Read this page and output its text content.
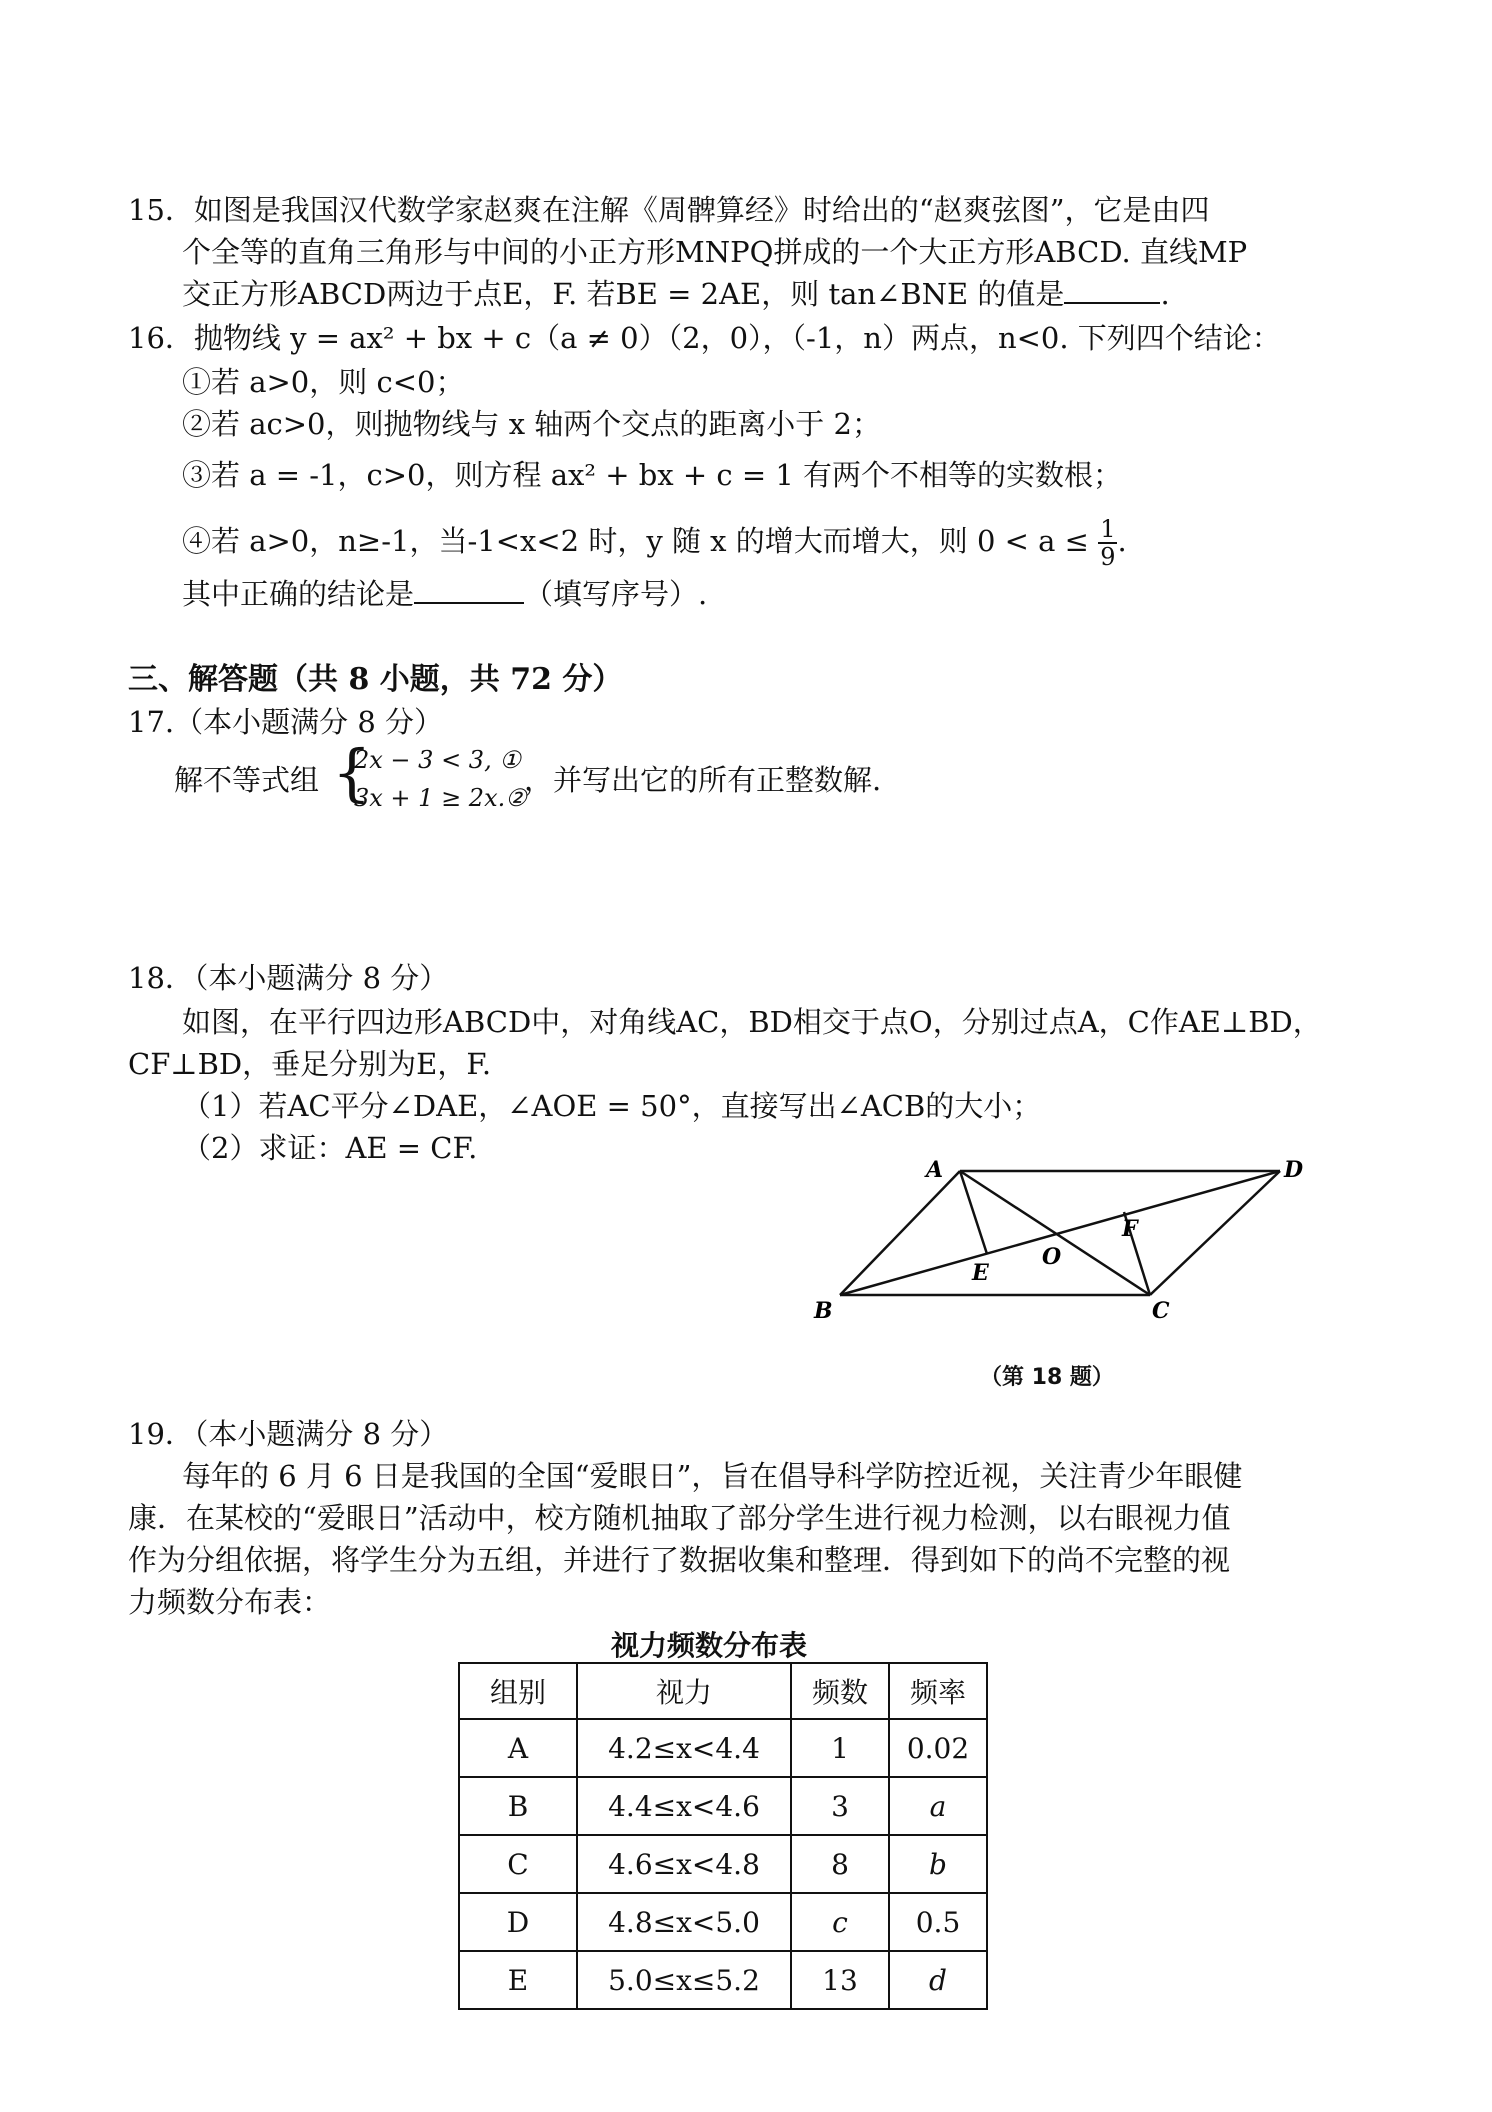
15．如图是我国汉代数学家赵爽在注解《周髀算经》时给出的“赵爽弦图”，它是由四
个全等的直角三角形与中间的小正方形MNPQ拼成的一个大正方形ABCD. 直线MP
交正方形ABCD两边于点E，F. 若BE = 2AE，则 tan∠BNE 的值是	.
16．抛物线 y = ax² + bx + c（a ≠ 0）（2，0），（-1，n）两点，n<0. 下列四个结论：
①若 a>0，则 c<0；
②若 ac>0，则抛物线与 x 轴两个交点的距离小于 2；
③若 a = -1，c>0，则方程 ax² + bx + c = 1 有两个不相等的实数根；
④若 a>0，n≥-1，当-1<x<2 时，y 随 x 的增大而增大，则 $0 < a \le \frac{1}{9}$ .
其中正确的结论是	（填写序号）.
三、解答题（共 8 小题，共 72 分）
17.（本小题满分 8 分）
解不等式组 {
2x − 3 < 3, ①
3x + 1 ≥ 2x.②
，并写出它的所有正整数解.
18．（本小题满分 8 分）
如图，在平行四边形ABCD中，对角线AC，BD相交于点O，分别过点A，C作AE⊥BD，
CF⊥BD，垂足分别为E，F.
（1）若AC平分∠DAE，∠AOE = 50°，直接写出∠ACB的大小；
（2）求证：AE = CF.
A	D
B	C
E
F
O
（第 18 题）
19．（本小题满分 8 分）
每年的 6 月 6 日是我国的全国“爱眼日”，旨在倡导科学防控近视，关注青少年眼健
康．在某校的“爱眼日”活动中，校方随机抽取了部分学生进行视力检测，以右眼视力值
作为分组依据，将学生分为五组，并进行了数据收集和整理．得到如下的尚不完整的视
力频数分布表：
视力频数分布表
组别	视力	频数	频率
A	4.2≤x<4.4	1	0.02
B	4.4≤x<4.6	3	a
C	4.6≤x<4.8	8	b
D	4.8≤x<5.0	c	0.5
E	5.0≤x≤5.2	13	d
